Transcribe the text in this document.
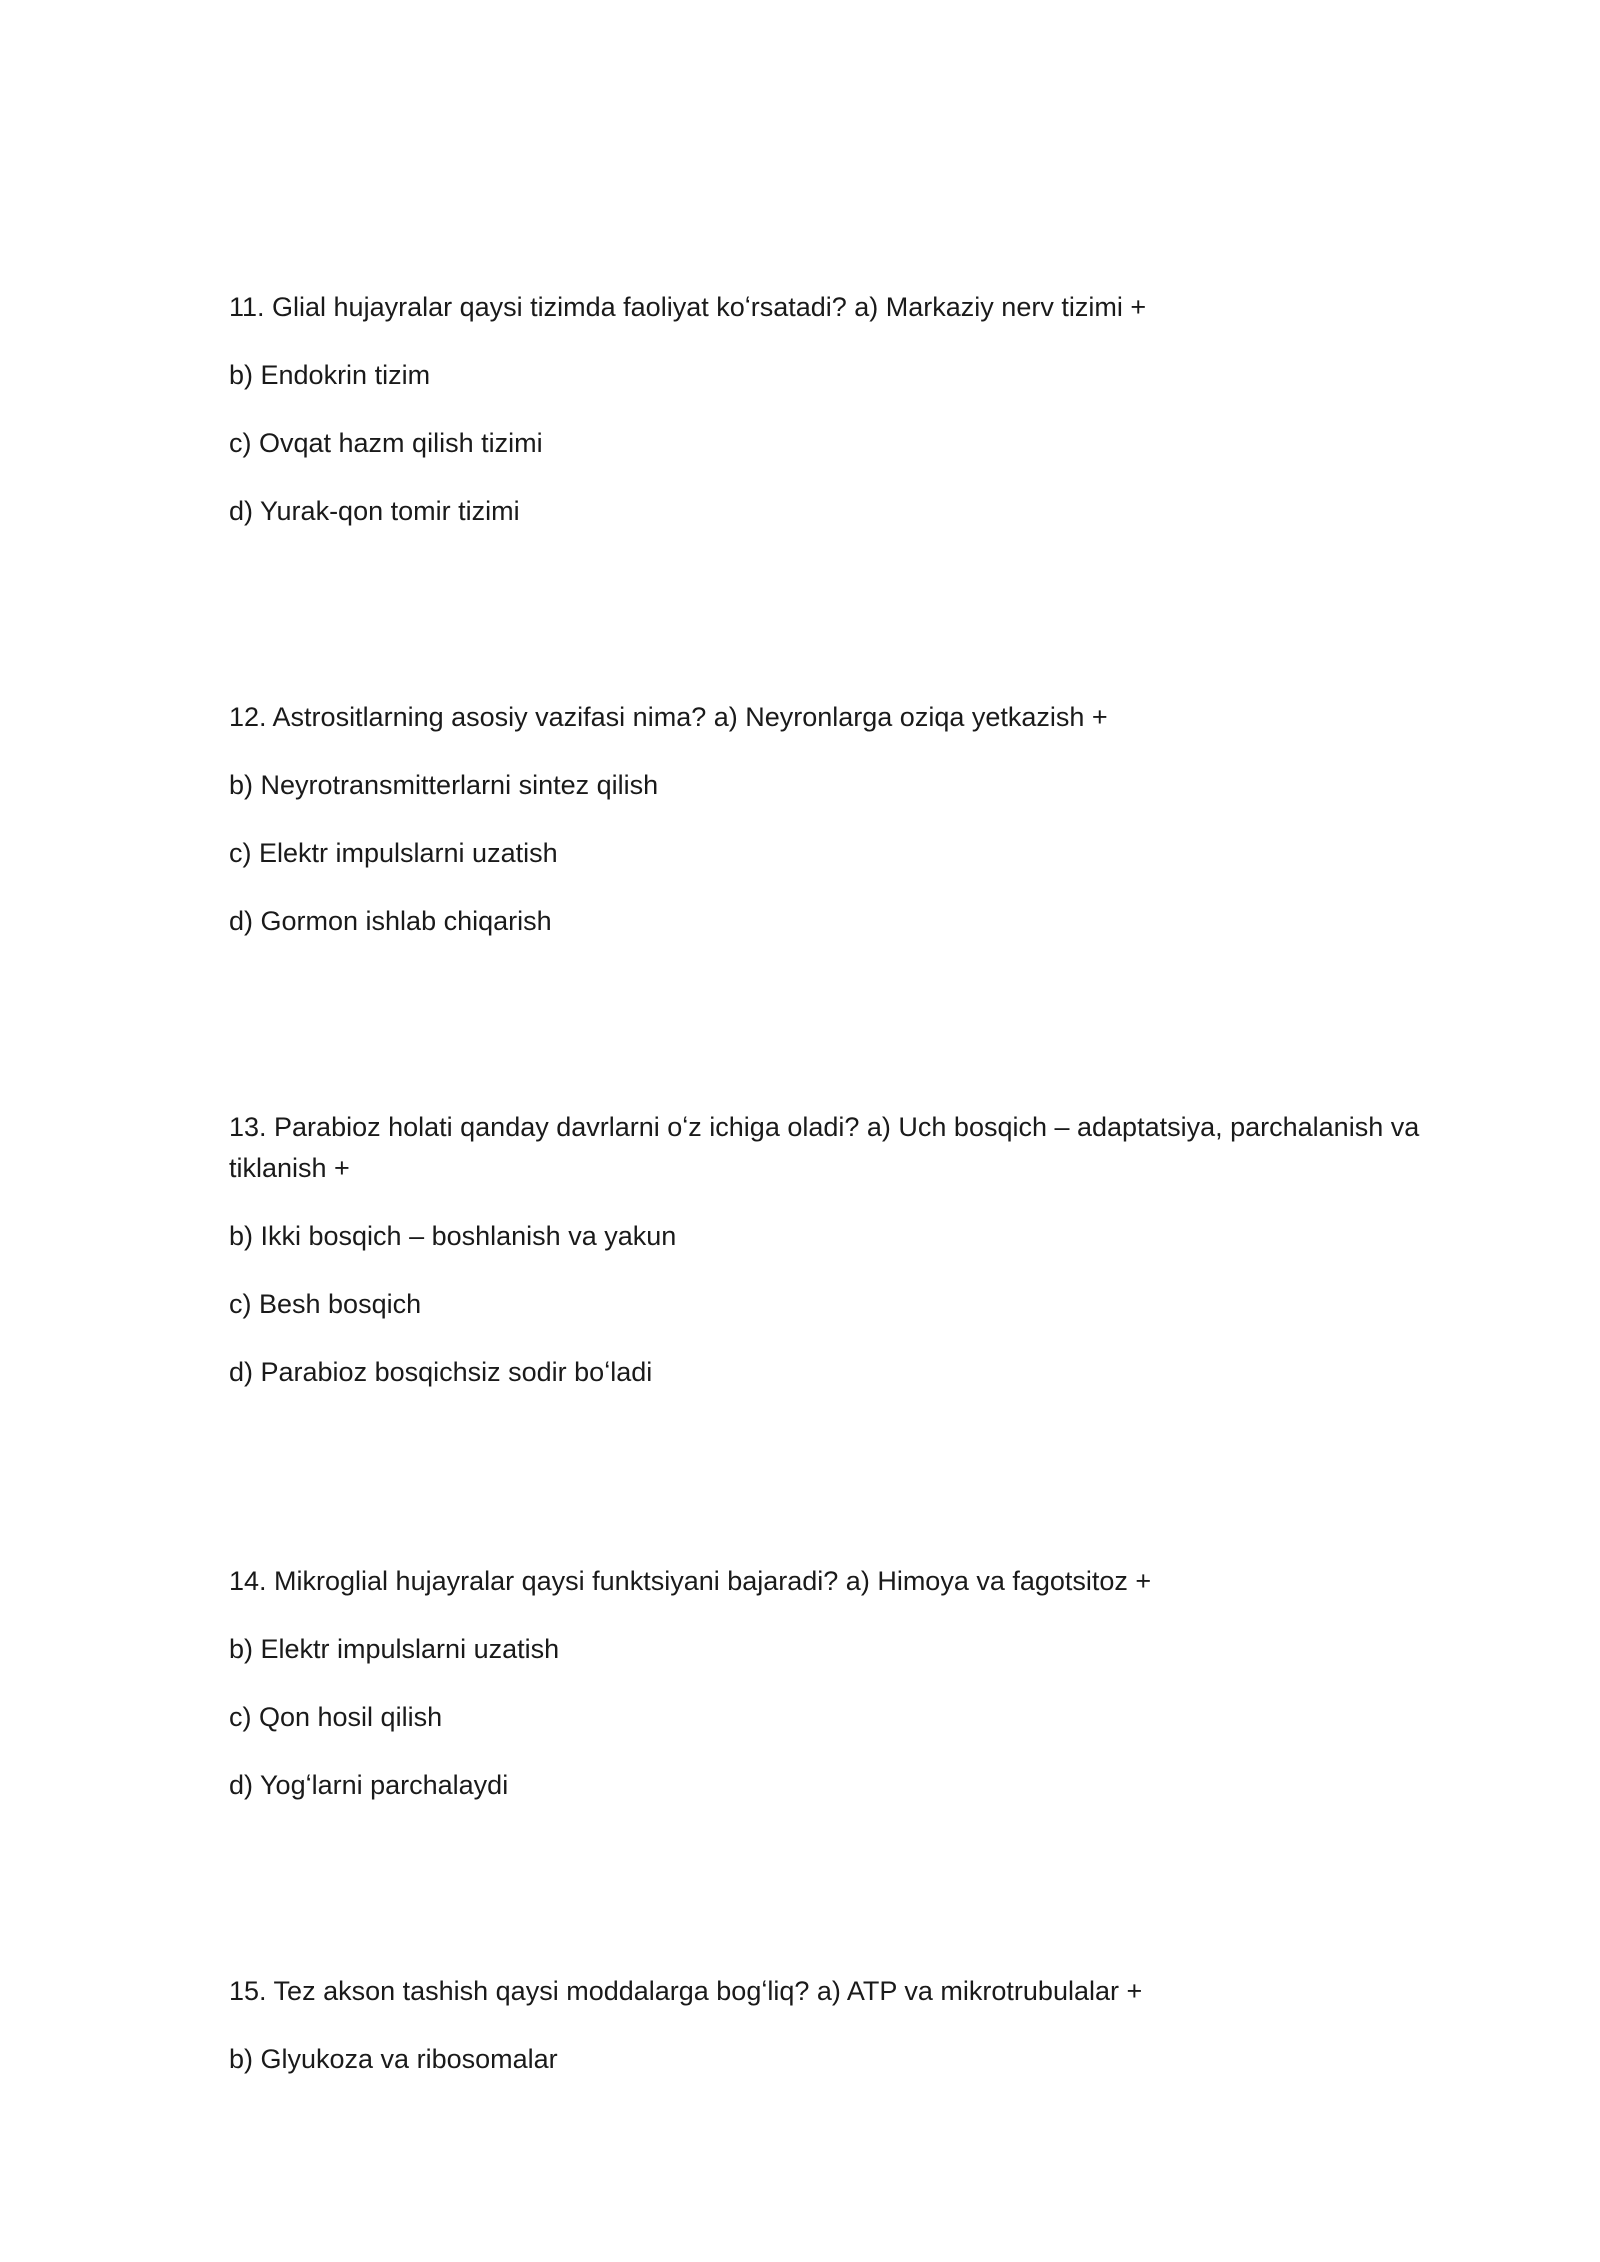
11. Glial hujayralar qaysi tizimda faoliyat koʻrsatadi? a) Markaziy nerv tizimi +

b) Endokrin tizim

c) Ovqat hazm qilish tizimi

d) Yurak-qon tomir tizimi

12. Astrositlarning asosiy vazifasi nima? a) Neyronlarga oziqa yetkazish +

b) Neyrotransmitterlarni sintez qilish

c) Elektr impulslarni uzatish

d) Gormon ishlab chiqarish

13. Parabioz holati qanday davrlarni oʻz ichiga oladi? a) Uch bosqich – adaptatsiya, parchalanish va tiklanish +

b) Ikki bosqich – boshlanish va yakun

c) Besh bosqich

d) Parabioz bosqichsiz sodir boʻladi

14. Mikroglial hujayralar qaysi funktsiyani bajaradi? a) Himoya va fagotsitoz +

b) Elektr impulslarni uzatish

c) Qon hosil qilish

d) Yogʻlarni parchalaydi

15. Tez akson tashish qaysi moddalarga bogʻliq? a) ATP va mikrotrubulalar +

b) Glyukoza va ribosomalar
